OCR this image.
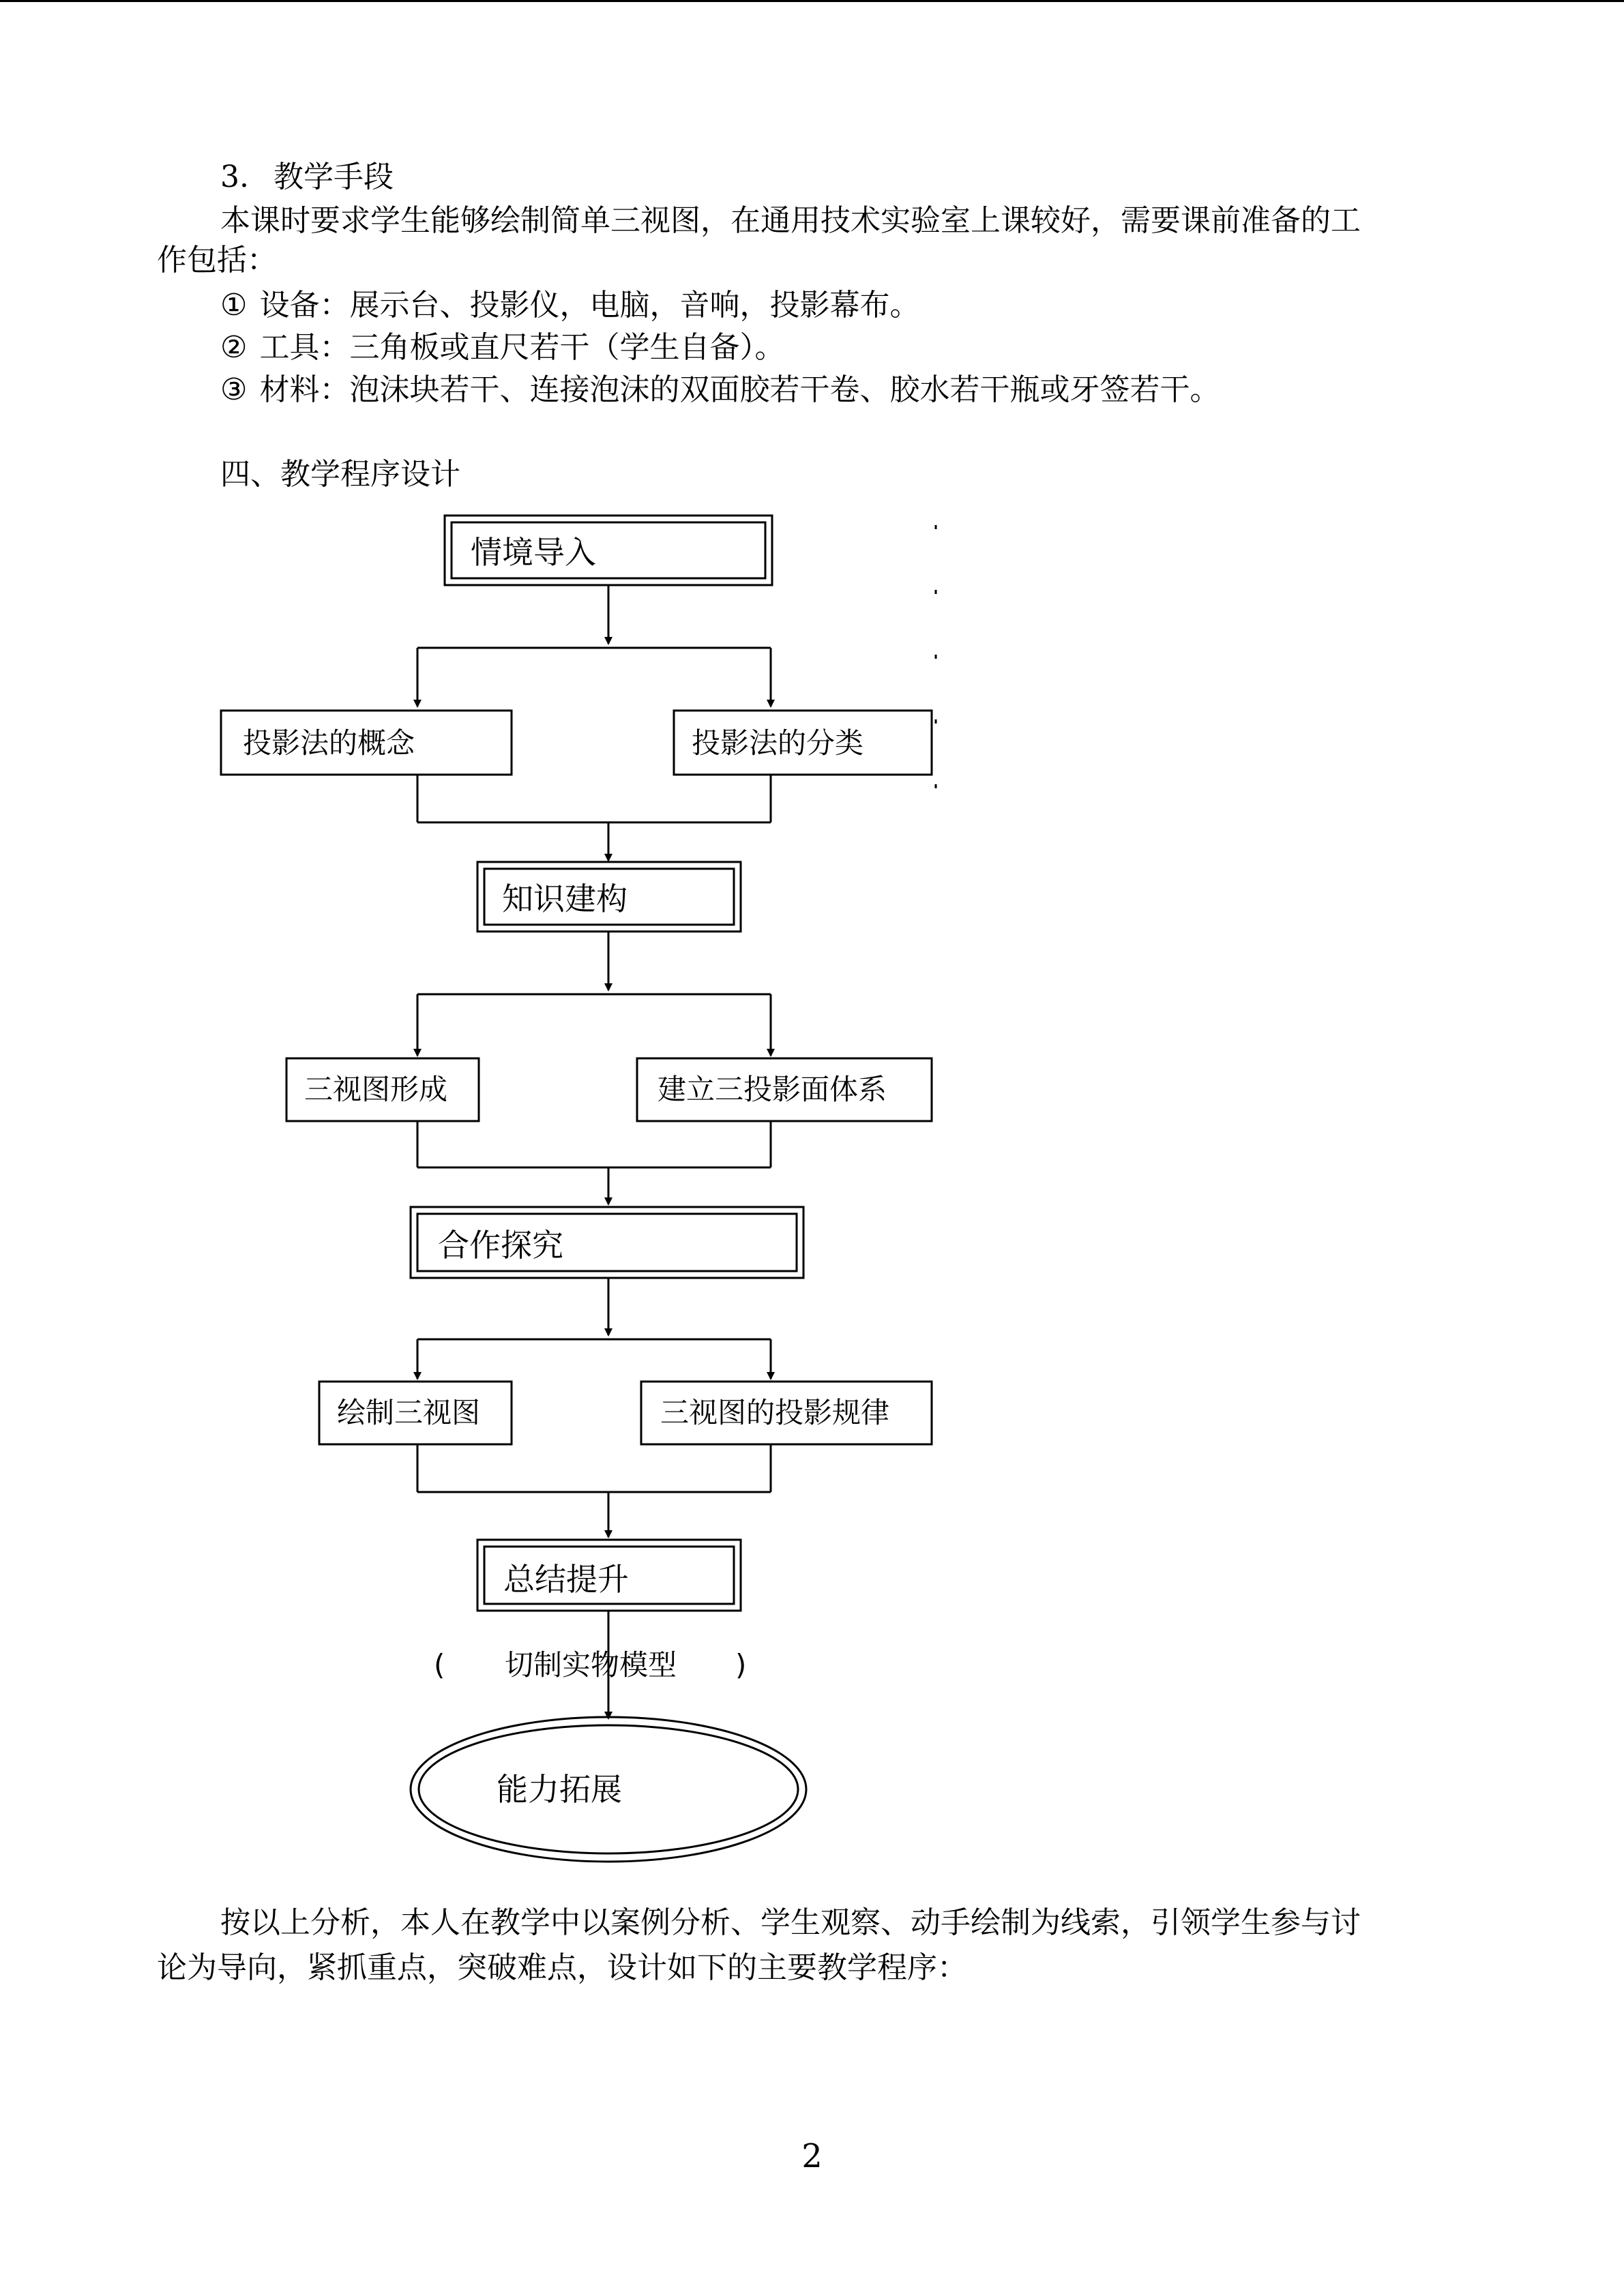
3. 教学手段
本课时要求学生能够绘制简单三视图，在通用技术实验室上课较好，需要课前准备的工
作包括：
① 设备：展示台、投影仪，电脑，音响，投影幕布。
② 工具：三角板或直尺若干（学生自备）。
③ 材料：泡沫块若干、连接泡沫的双面胶若干卷、胶水若干瓶或牙签若干。
四、教学程序设计
情境导入
投影法的概念	投影法的分类
知识建构
三视图形成	建立三投影面体系
合作探究
绘制三视图	三视图的投影规律
总结提升
( 切制实物模型 )
能力拓展
按以上分析，本人在教学中以案例分析、学生观察、动手绘制为线索，引领学生参与讨
论为导向，紧抓重点，突破难点，设计如下的主要教学程序：
2
